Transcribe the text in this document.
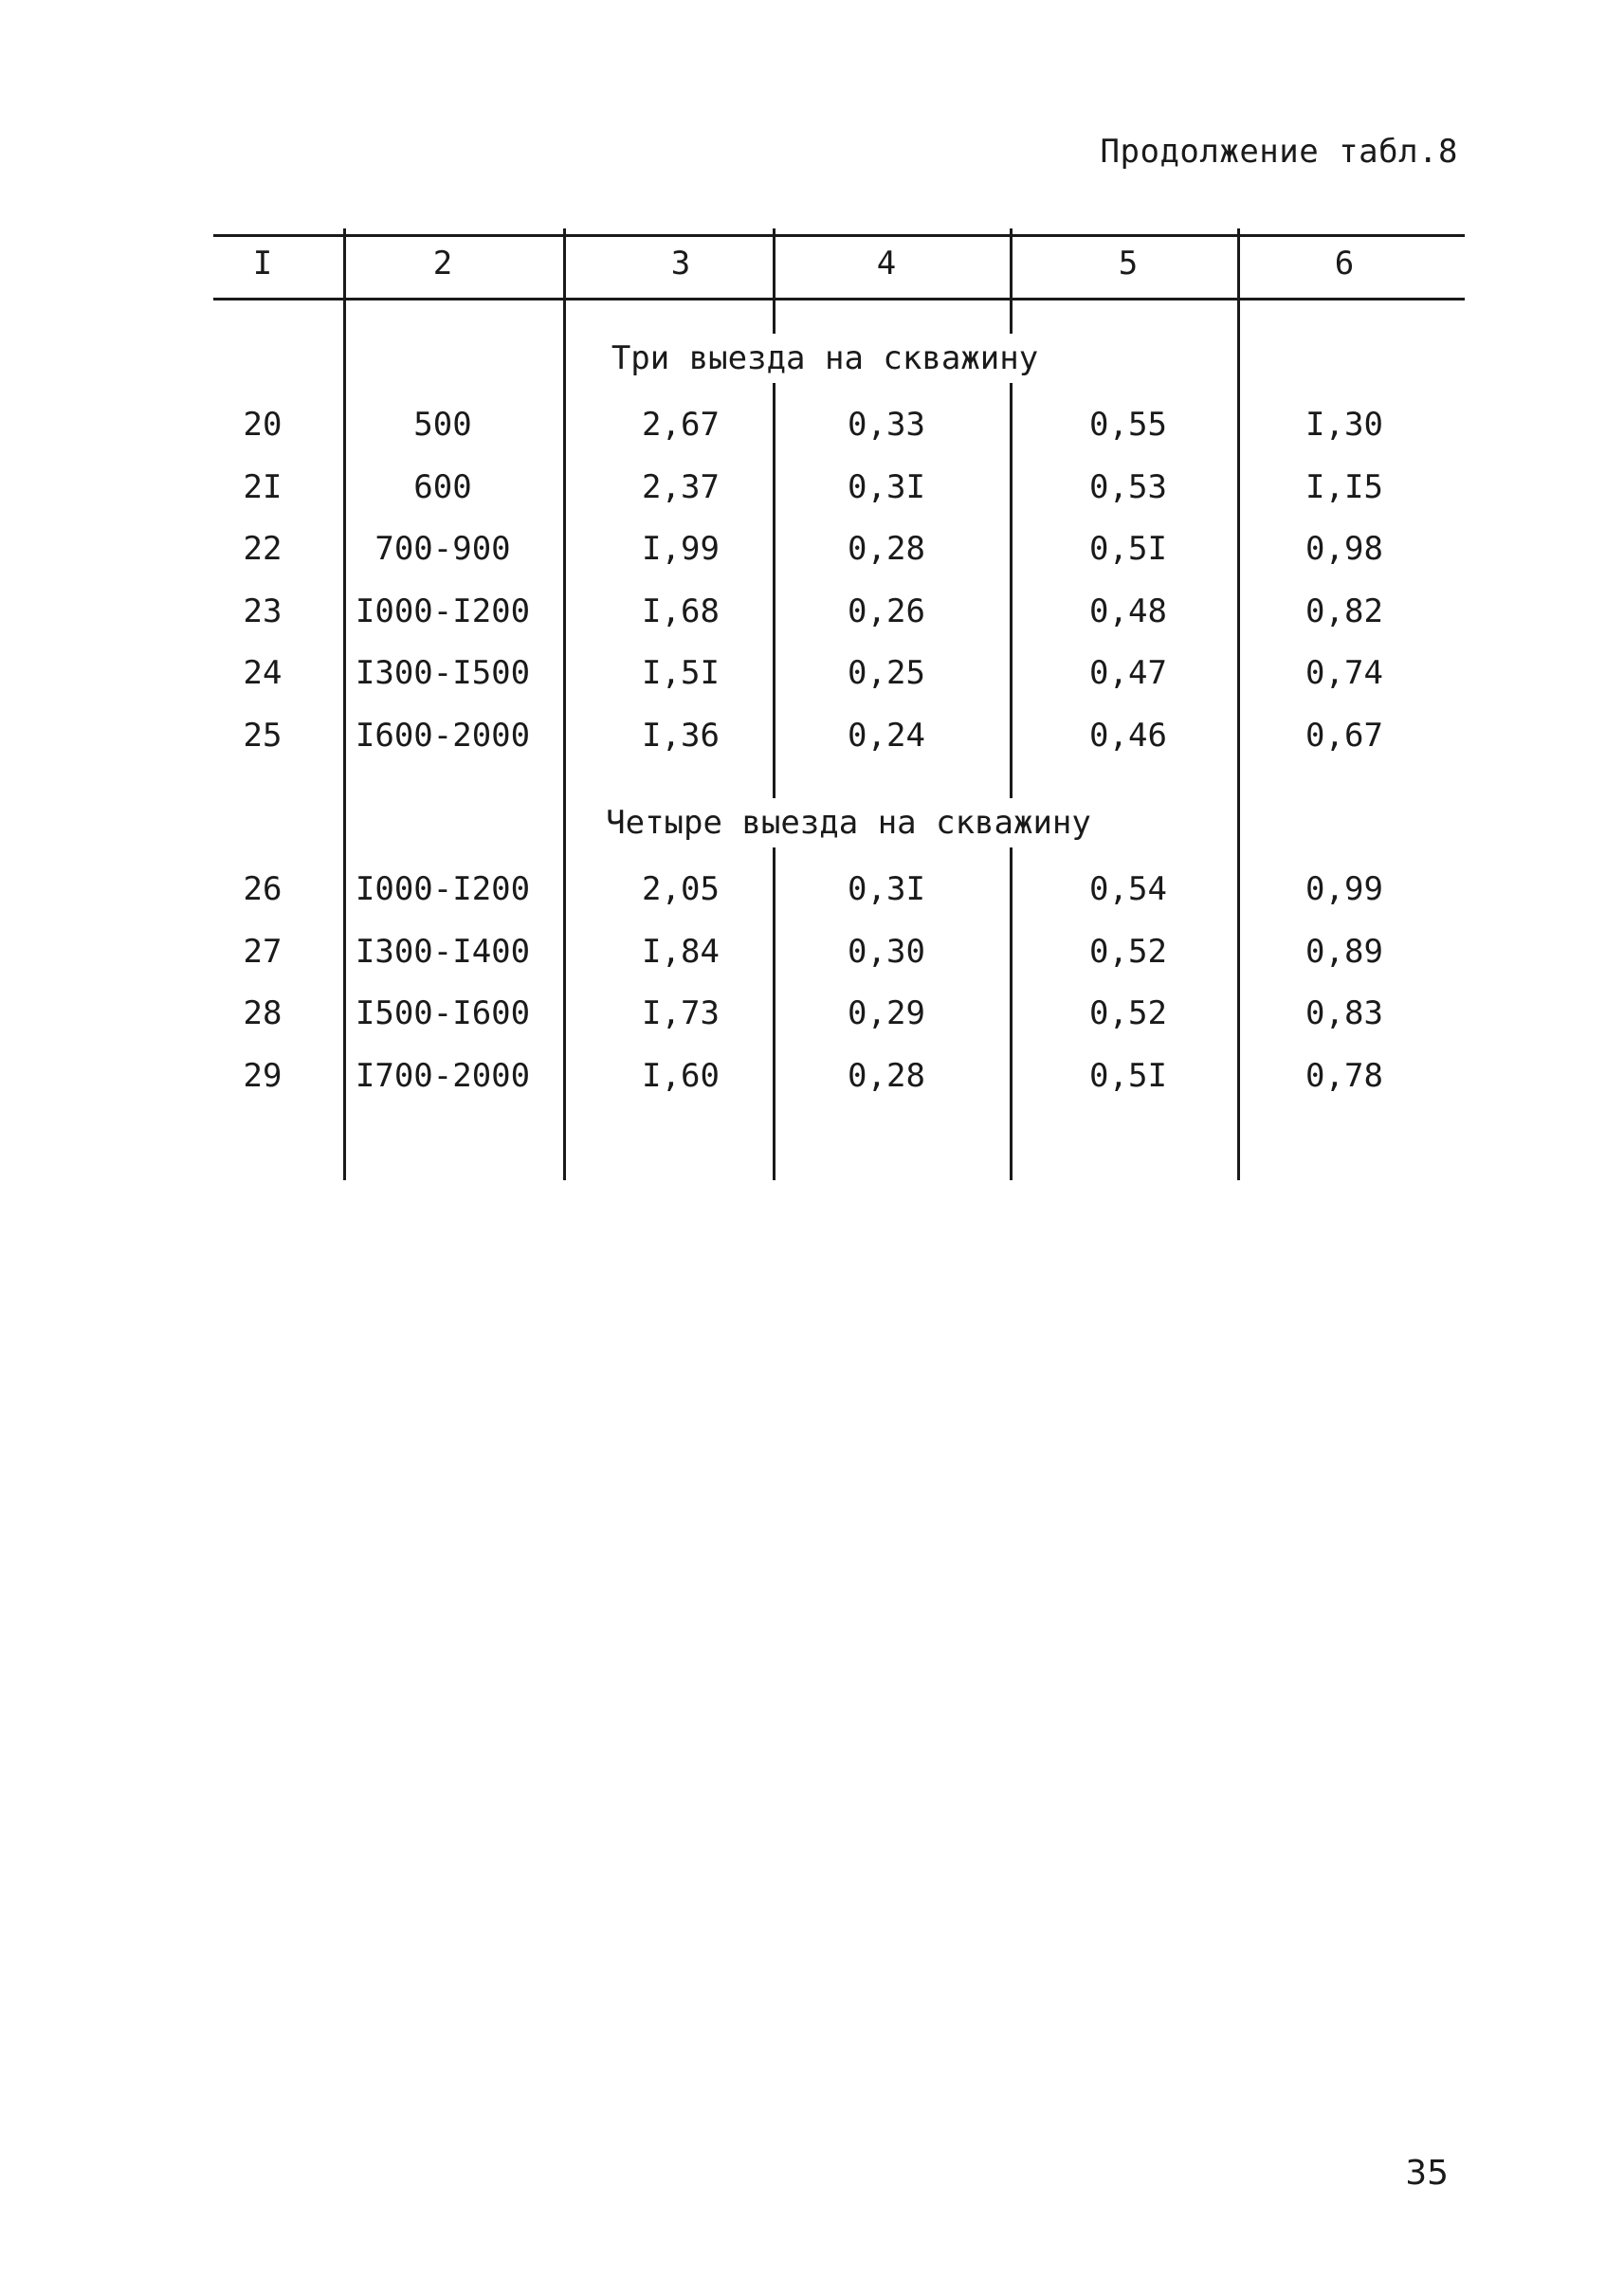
Продолжение табл.8
I	2	3	4	5	6
Три выезда на скважину
20	500	2,67	0,33	0,55	I,30
2I	600	2,37	0,3I	0,53	I,I5
22	700-900	I,99	0,28	0,5I	0,98
23 I000-I200	I,68	0,26	0,48	0,82
24 I300-I500	I,5I	0,25	0,47	0,74
25 I600-2000	I,36	0,24	0,46	0,67
Четыре выезда на скважину
26 I000-I200	2,05	0,3I	0,54	0,99
27 I300-I400	I,84	0,30	0,52	0,89
28 I500-I600	I,73	0,29	0,52	0,83
29 I700-2000	I,60	0,28	0,5I	0,78
35
